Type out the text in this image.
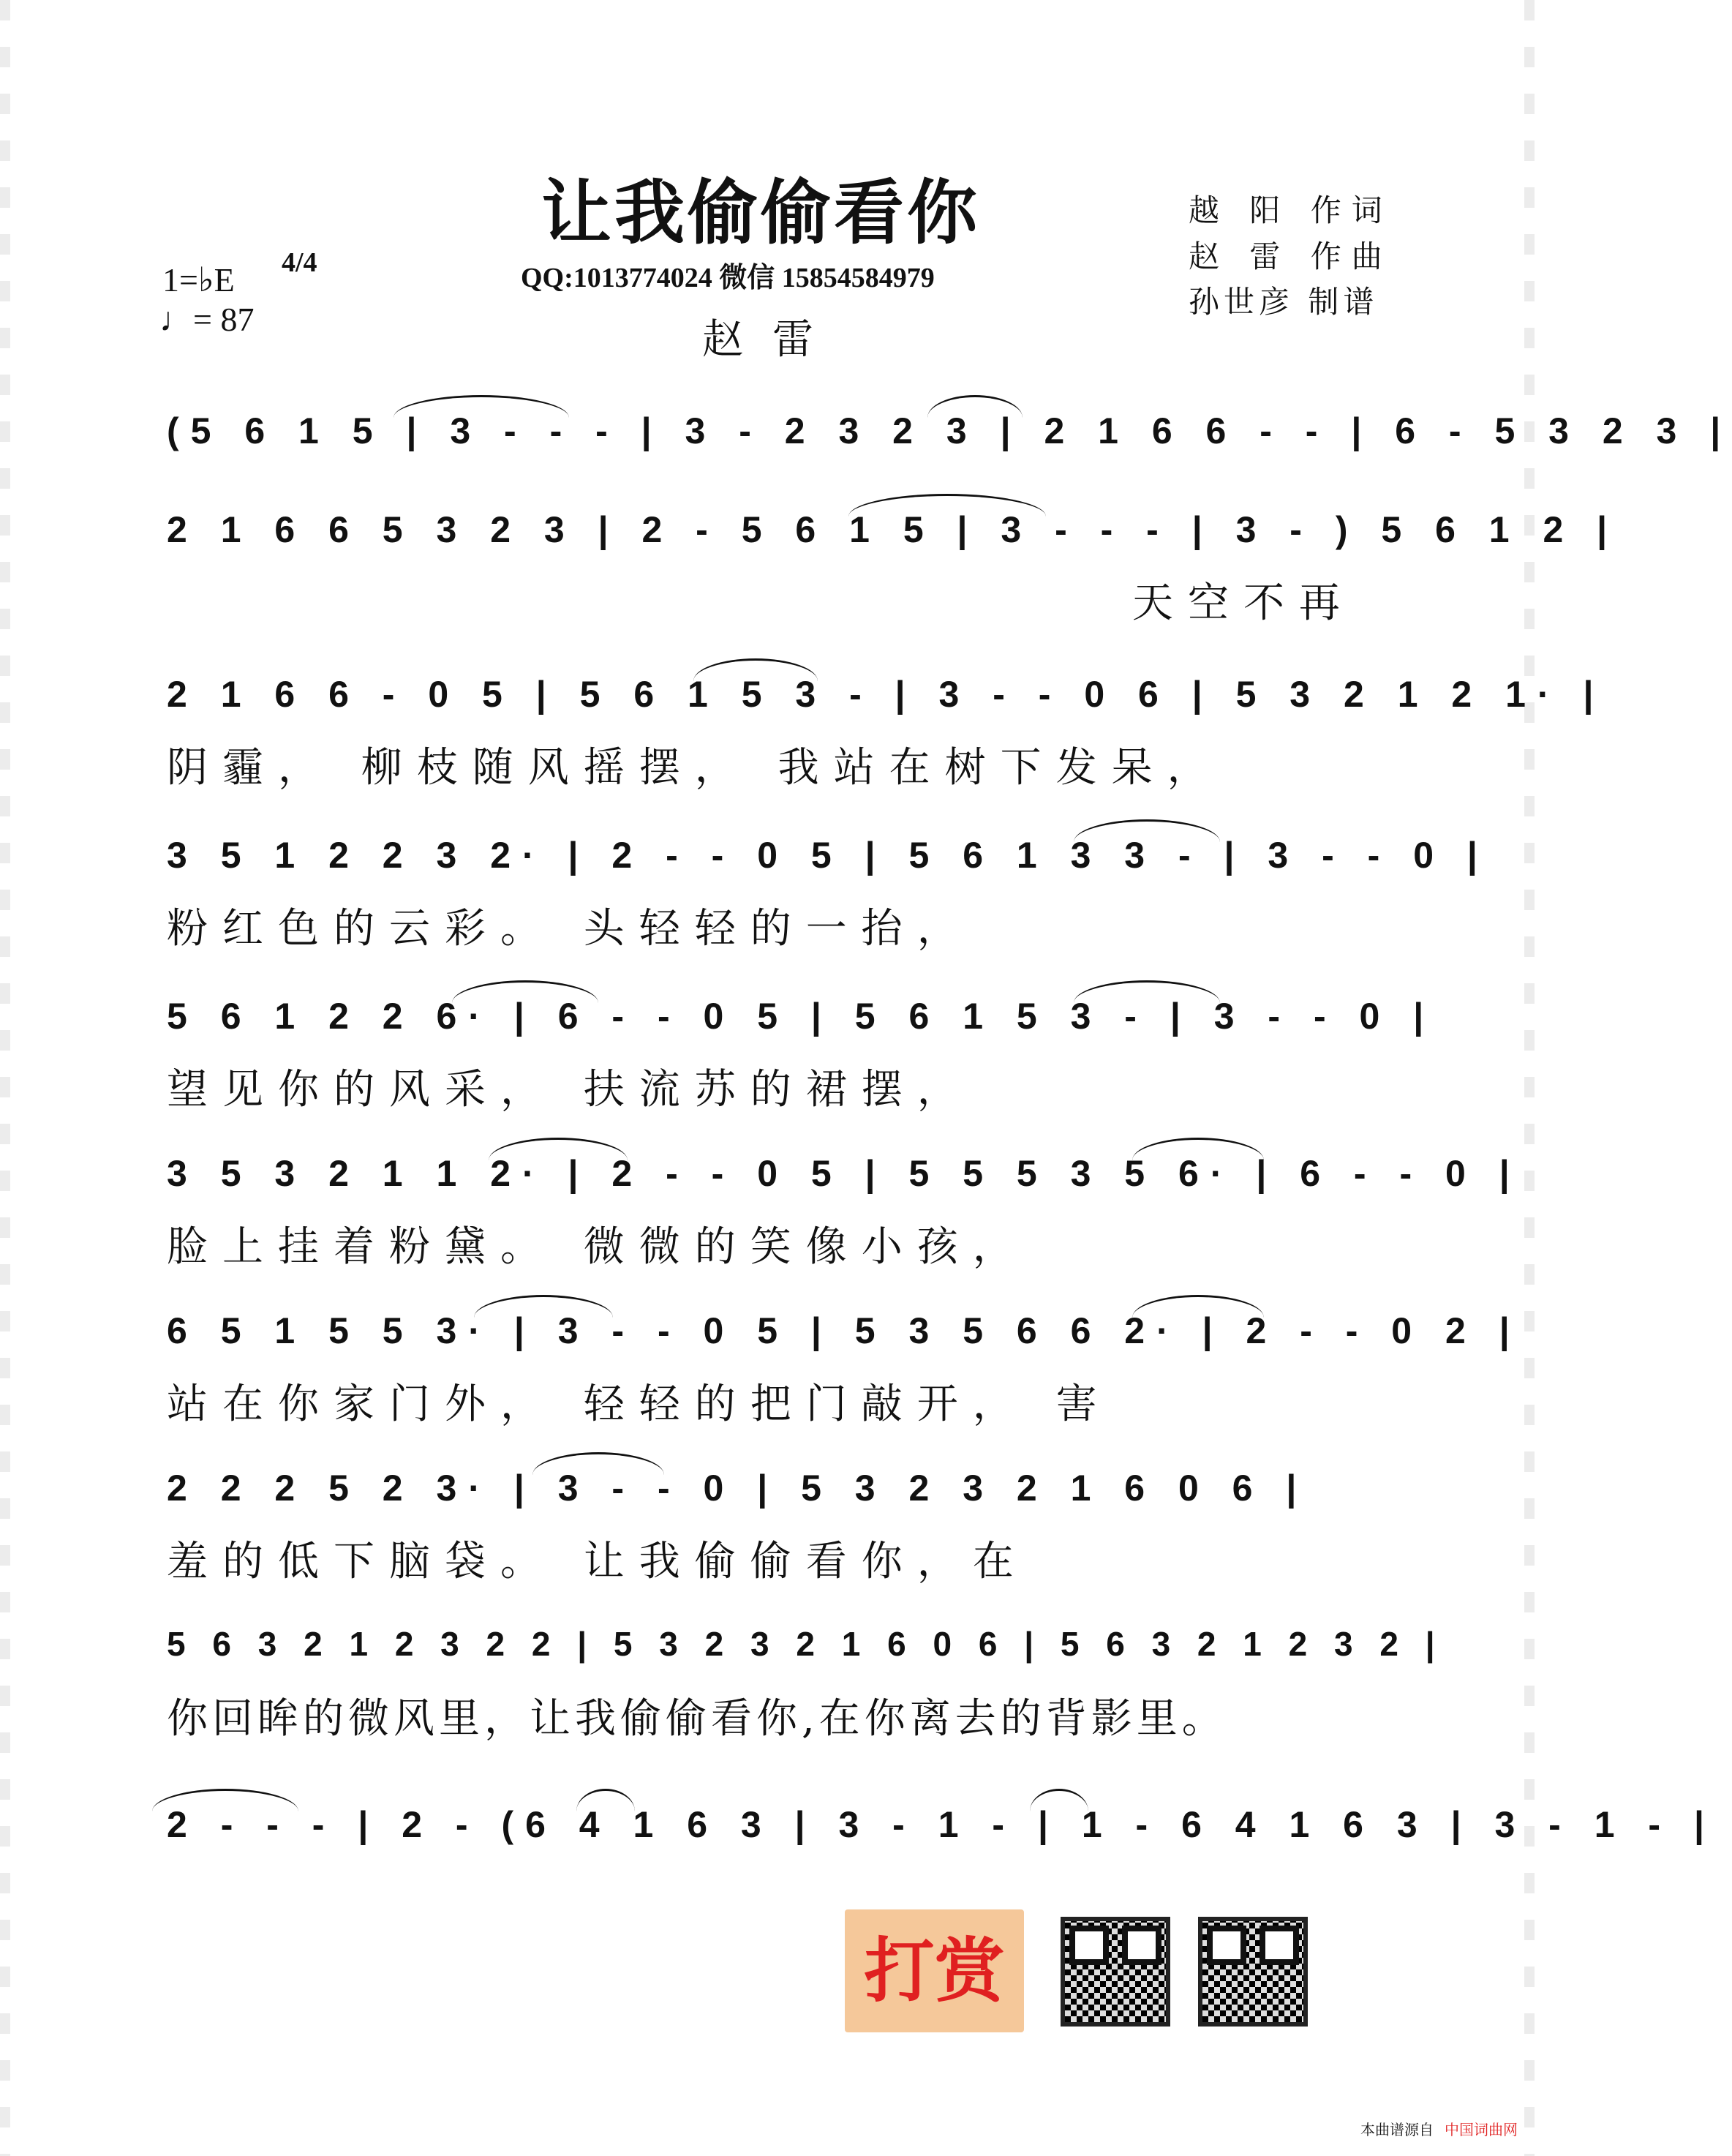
让我偷偷看你	越 阳 作词
赵 雷 作曲
孙世彦 制谱
QQ:1013774024 微信 15854584979
赵雷
1=♭E 4/4
♩= 87
(5 6 1 5 | 3 - - - | 3 - 2 3 2 3 | 2 1 6 6 - - | 6 - 5 3 2 3 |
2 1 6 6 5 3 2 3 | 2 - 5 6 1 5 | 3 - - - | 3 - ) 5 6 1 2 |
天空不再
2 1 6 6 - 0 5 | 5 6 1 5 3 - | 3 - - 0 6 | 5 3 2 1 2 1· |
阴霾， 柳枝随风摇摆， 我站在树下发呆，
3 5 1 2 2 3 2· | 2 - - 0 5 | 5 6 1 3 3 - | 3 - - 0 |
粉红色的云彩。 头轻轻的一抬，
5 6 1 2 2 6· | 6 - - 0 5 | 5 6 1 5 3 - | 3 - - 0 |
望见你的风采， 扶流苏的裙摆，
3 5 3 2 1 1 2· | 2 - - 0 5 | 5 5 5 3 5 6· | 6 - - 0 |
脸上挂着粉黛。 微微的笑像小孩，
6 5 1 5 5 3· | 3 - - 0 5 | 5 3 5 6 6 2· | 2 - - 0 2 |
站在你家门外， 轻轻的把门敲开， 害
2 2 2 5 2 3· | 3 - - 0 | 5 3 2 3 2 1 6 0 6 |
羞的低下脑袋。 让我偷偷看你，在
5 6 3 2 1 2 3 2 2 | 5 3 2 3 2 1 6 0 6 | 5 6 3 2 1 2 3 2 |
你回眸的微风里，让我偷偷看你,在你离去的背影里。
2 - - - | 2 - (6 4 1 6 3 | 3 - 1 - | 1 - 6 4 1 6 3 | 3 - 1 - |
打赏
本曲谱源自 中国词曲网
